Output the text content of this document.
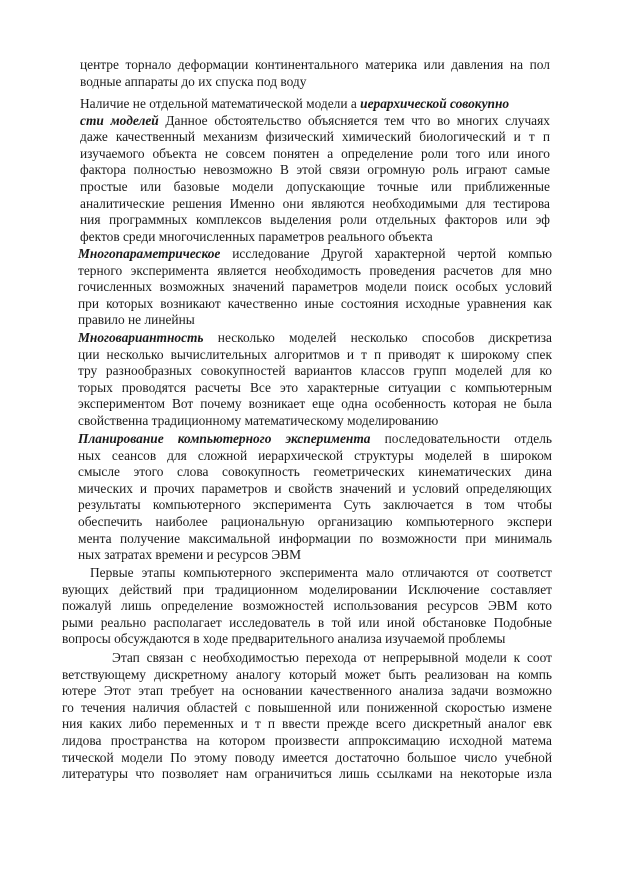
центре торнало деформации континентального материка или давления на пол
водные аппараты до их спуска под воду
Наличие не отдельной математической модели а иерархической совокупно
сти моделей Данное обстоятельство объясняется тем что во многих случаях
даже качественный механизм физический химический биологический и т п
изучаемого объекта не совсем понятен а определение роли того или иного
фактора полностью невозможно В этой связи огромную роль играют самые
простые или базовые модели допускающие точные или приближенные
аналитические решения Именно они являются необходимыми для тестирова
ния программных комплексов выделения роли отдельных факторов или эф
фектов среди многочисленных параметров реального объекта
Многопараметрическое исследование Другой характерной чертой компью
терного эксперимента является необходимость проведения расчетов для мно
гочисленных возможных значений параметров модели поиск особых условий
при которых возникают качественно иные состояния исходные уравнения как
правило не линейны
Многовариантность несколько моделей несколько способов дискретиза
ции несколько вычислительных алгоритмов и т п приводят к широкому спек
тру разнообразных совокупностей вариантов классов групп моделей для ко
торых проводятся расчеты Все это характерные ситуации с компьютерным
экспериментом Вот почему возникает еще одна особенность которая не была
свойственна традиционному математическому моделированию
Планирование компьютерного эксперимента последовательности отдель
ных сеансов для сложной иерархической структуры моделей в широком
смысле этого слова совокупность геометрических кинематических дина
мических и прочих параметров и свойств значений и условий определяющих
результаты компьютерного эксперимента Суть заключается в том чтобы
обеспечить наиболее рациональную организацию компьютерного экспери
мента получение максимальной информации по возможности при минималь
ных затратах времени и ресурсов ЭВМ
Первые этапы компьютерного эксперимента мало отличаются от соответст
вующих действий при традиционном моделировании Исключение составляет
пожалуй лишь определение возможностей использования ресурсов ЭВМ кото
рыми реально располагает исследователь в той или иной обстановке Подобные
вопросы обсуждаются в ходе предварительного анализа изучаемой проблемы
Этап связан с необходимостью перехода от непрерывной модели к соот
ветствующему дискретному аналогу который может быть реализован на компь
ютере Этот этап требует на основании качественного анализа задачи возможно
го течения наличия областей с повышенной или пониженной скоростью измене
ния каких либо переменных и т п ввести прежде всего дискретный аналог евк
лидова пространства на котором произвести аппроксимацию исходной матема
тической модели По этому поводу имеется достаточно большое число учебной
литературы что позволяет нам ограничиться лишь ссылками на некоторые изла
